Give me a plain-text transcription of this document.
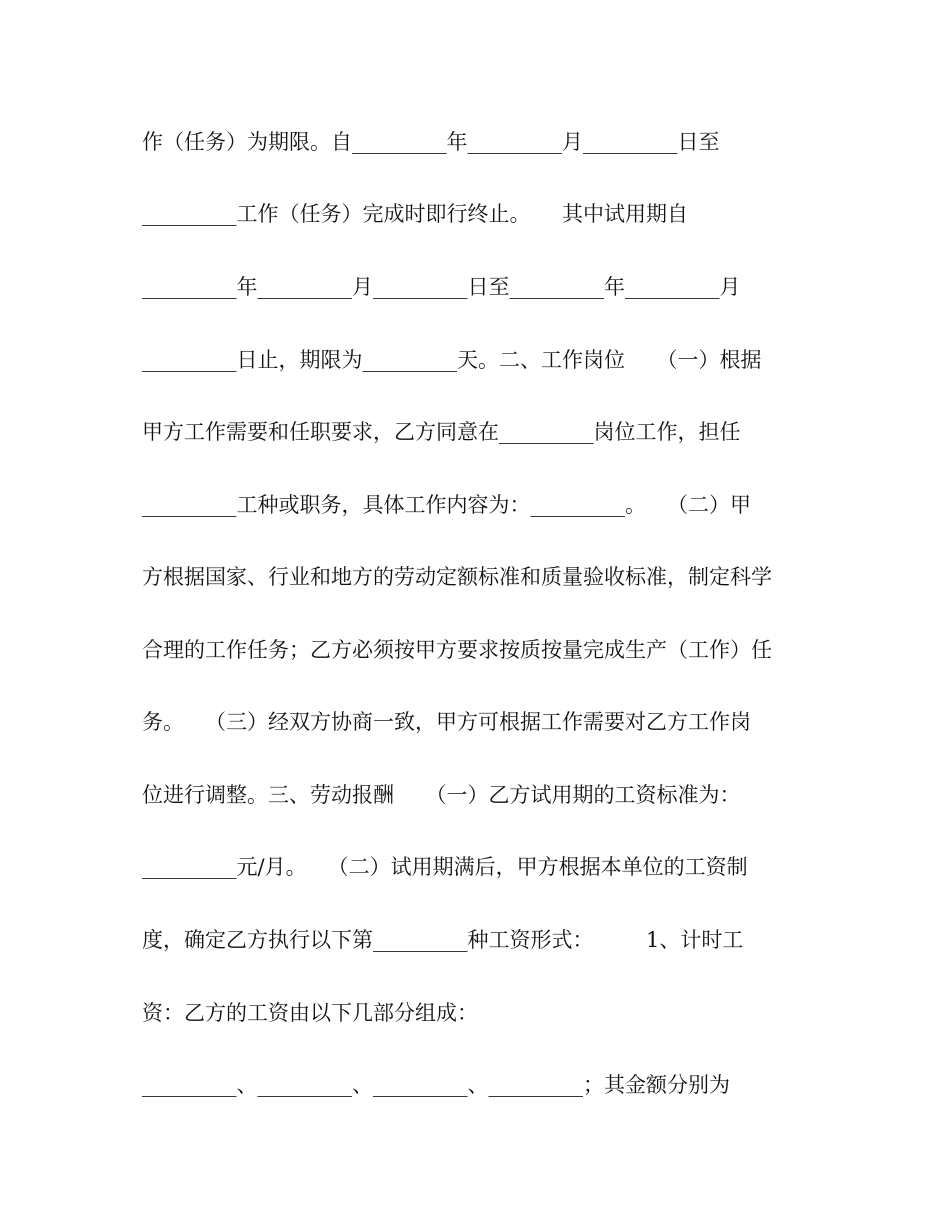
作（任务）为期限。自_________年_________月_________日至
_________工作（任务）完成时即行终止。　　其中试用期自
_________年_________月_________日至_________年_________月
_________日止，期限为_________天。二、工作岗位　　（一）根据
甲方工作需要和任职要求，乙方同意在_________岗位工作，担任
_________工种或职务，具体工作内容为：_________。　　（二）甲
方根据国家、行业和地方的劳动定额标准和质量验收标准，制定科学
合理的工作任务；乙方必须按甲方要求按质按量完成生产（工作）任
务。　　（三）经双方协商一致，甲方可根据工作需要对乙方工作岗
位进行调整。三、劳动报酬　　（一）乙方试用期的工资标准为：
_________元/月。　　（二）试用期满后，甲方根据本单位的工资制
度，确定乙方执行以下第_________种工资形式：　　　1、计时工
资：乙方的工资由以下几部分组成：
_________、_________、_________、_________；其金额分别为
